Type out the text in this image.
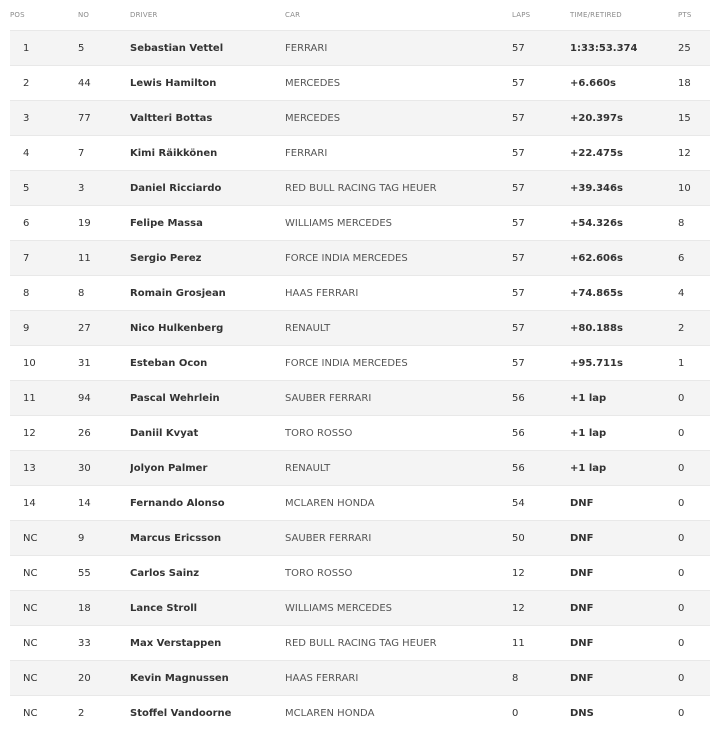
POS	NO	DRIVER	CAR	LAPS	TIME/RETIRED	PTS
1	5	Sebastian Vettel	FERRARI	57	1:33:53.374	25
2	44	Lewis Hamilton	MERCEDES	57	+6.660s	18
3	77	Valtteri Bottas	MERCEDES	57	+20.397s	15
4	7	Kimi Räikkönen	FERRARI	57	+22.475s	12
5	3	Daniel Ricciardo	RED BULL RACING TAG HEUER	57	+39.346s	10
6	19	Felipe Massa	WILLIAMS MERCEDES	57	+54.326s	8
7	11	Sergio Perez	FORCE INDIA MERCEDES	57	+62.606s	6
8	8	Romain Grosjean	HAAS FERRARI	57	+74.865s	4
9	27	Nico Hulkenberg	RENAULT	57	+80.188s	2
10	31	Esteban Ocon	FORCE INDIA MERCEDES	57	+95.711s	1
11	94	Pascal Wehrlein	SAUBER FERRARI	56	+1 lap	0
12	26	Daniil Kvyat	TORO ROSSO	56	+1 lap	0
13	30	Jolyon Palmer	RENAULT	56	+1 lap	0
14	14	Fernando Alonso	MCLAREN HONDA	54	DNF	0
NC	9	Marcus Ericsson	SAUBER FERRARI	50	DNF	0
NC	55	Carlos Sainz	TORO ROSSO	12	DNF	0
NC	18	Lance Stroll	WILLIAMS MERCEDES	12	DNF	0
NC	33	Max Verstappen	RED BULL RACING TAG HEUER	11	DNF	0
NC	20	Kevin Magnussen	HAAS FERRARI	8	DNF	0
NC	2	Stoffel Vandoorne	MCLAREN HONDA	0	DNS	0
